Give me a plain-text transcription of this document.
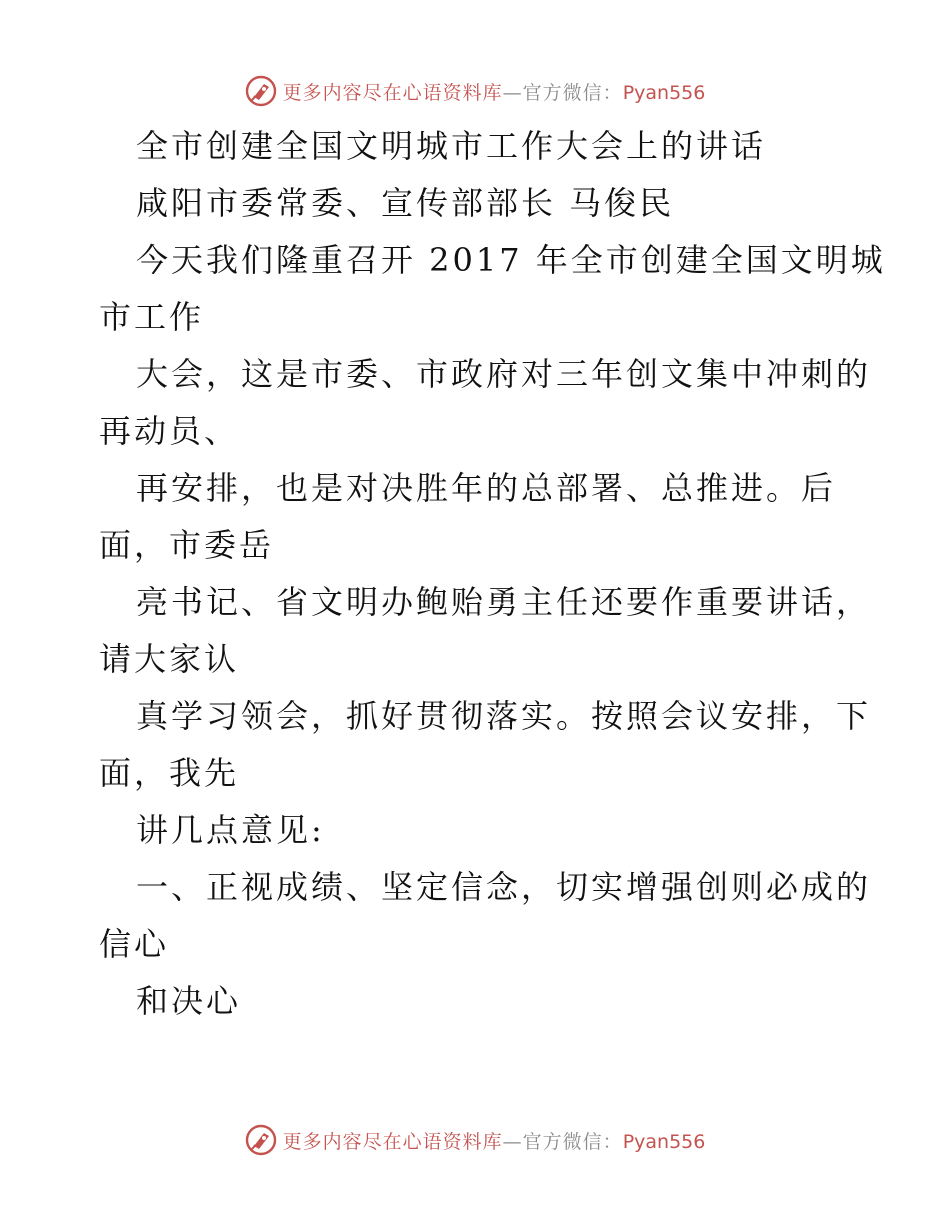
更多内容尽在心语资料库—官方微信：Pyan556
全市创建全国文明城市工作大会上的讲话
咸阳市委常委、宣传部部长 马俊民
今天我们隆重召开 2017 年全市创建全国文明城
市工作
大会，这是市委、市政府对三年创文集中冲刺的
再动员、
再安排，也是对决胜年的总部署、总推进。后
面，市委岳
亮书记、省文明办鲍贻勇主任还要作重要讲话，
请大家认
真学习领会，抓好贯彻落实。按照会议安排，下
面，我先
讲几点意见:
一、正视成绩、坚定信念，切实增强创则必成的
信心
和决心
更多内容尽在心语资料库—官方微信：Pyan556
